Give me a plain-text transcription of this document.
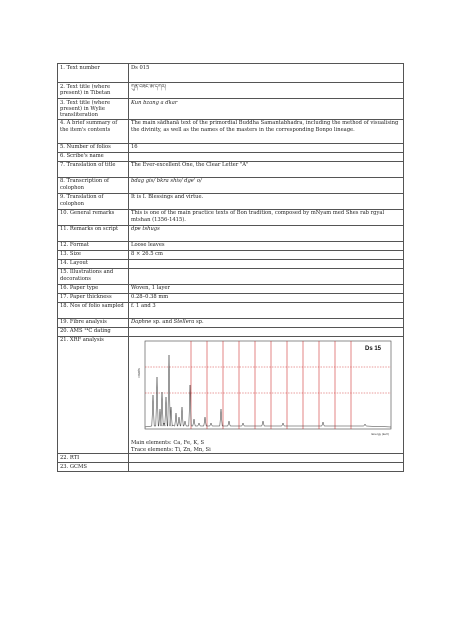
1. Text number	Ds 015
2. Text title (where present) in Tibetan	ཀུན་བཟང་ཨ་དཀར།
3. Text title (where present) in Wylie transliteration	Kun bzang a dkar
4. A brief summary of the item's contents	The main sādhanā text of the primordial Buddha Samantabhadra, including the method of visualising the divinity, as well as the names of the masters in the corresponding Bonpo lineage.
5. Number of folios	16
6. Scribe's name	
7. Translation of title	The Ever-excellent One, the Clear Letter "A"
8. Transcription of colophon	bdag gis/ bkra shis/ dge' o/
9. Translation of colophon	It is I. Blessings and virtue.
10. General remarks	This is one of the main practice texts of Bon tradition, composed by mNyam med Shes rab rgyal mtshan (1356-1415).
11. Remarks on script	dpe tshugs
12. Format	Loose leaves
13. Size	8 × 26.5 cm
14. Layout	
15. Illustrations and decorations	
16. Paper type	Woven, 1 layer
17. Paper thickness	0.28–0.38 mm
18. Nos of folio sampled	f. 1 and 3
19. Fibre analysis	Daphne sp. and Stellera sp.
20. AMS ¹⁴C dating	
21. XRF analysis	Ds 15
counts
Energy (keV)
Main elements: Ca, Fe, K, S
Trace elements: Ti, Zn, Mn, Si

22. RTI	
23. GCMS	
